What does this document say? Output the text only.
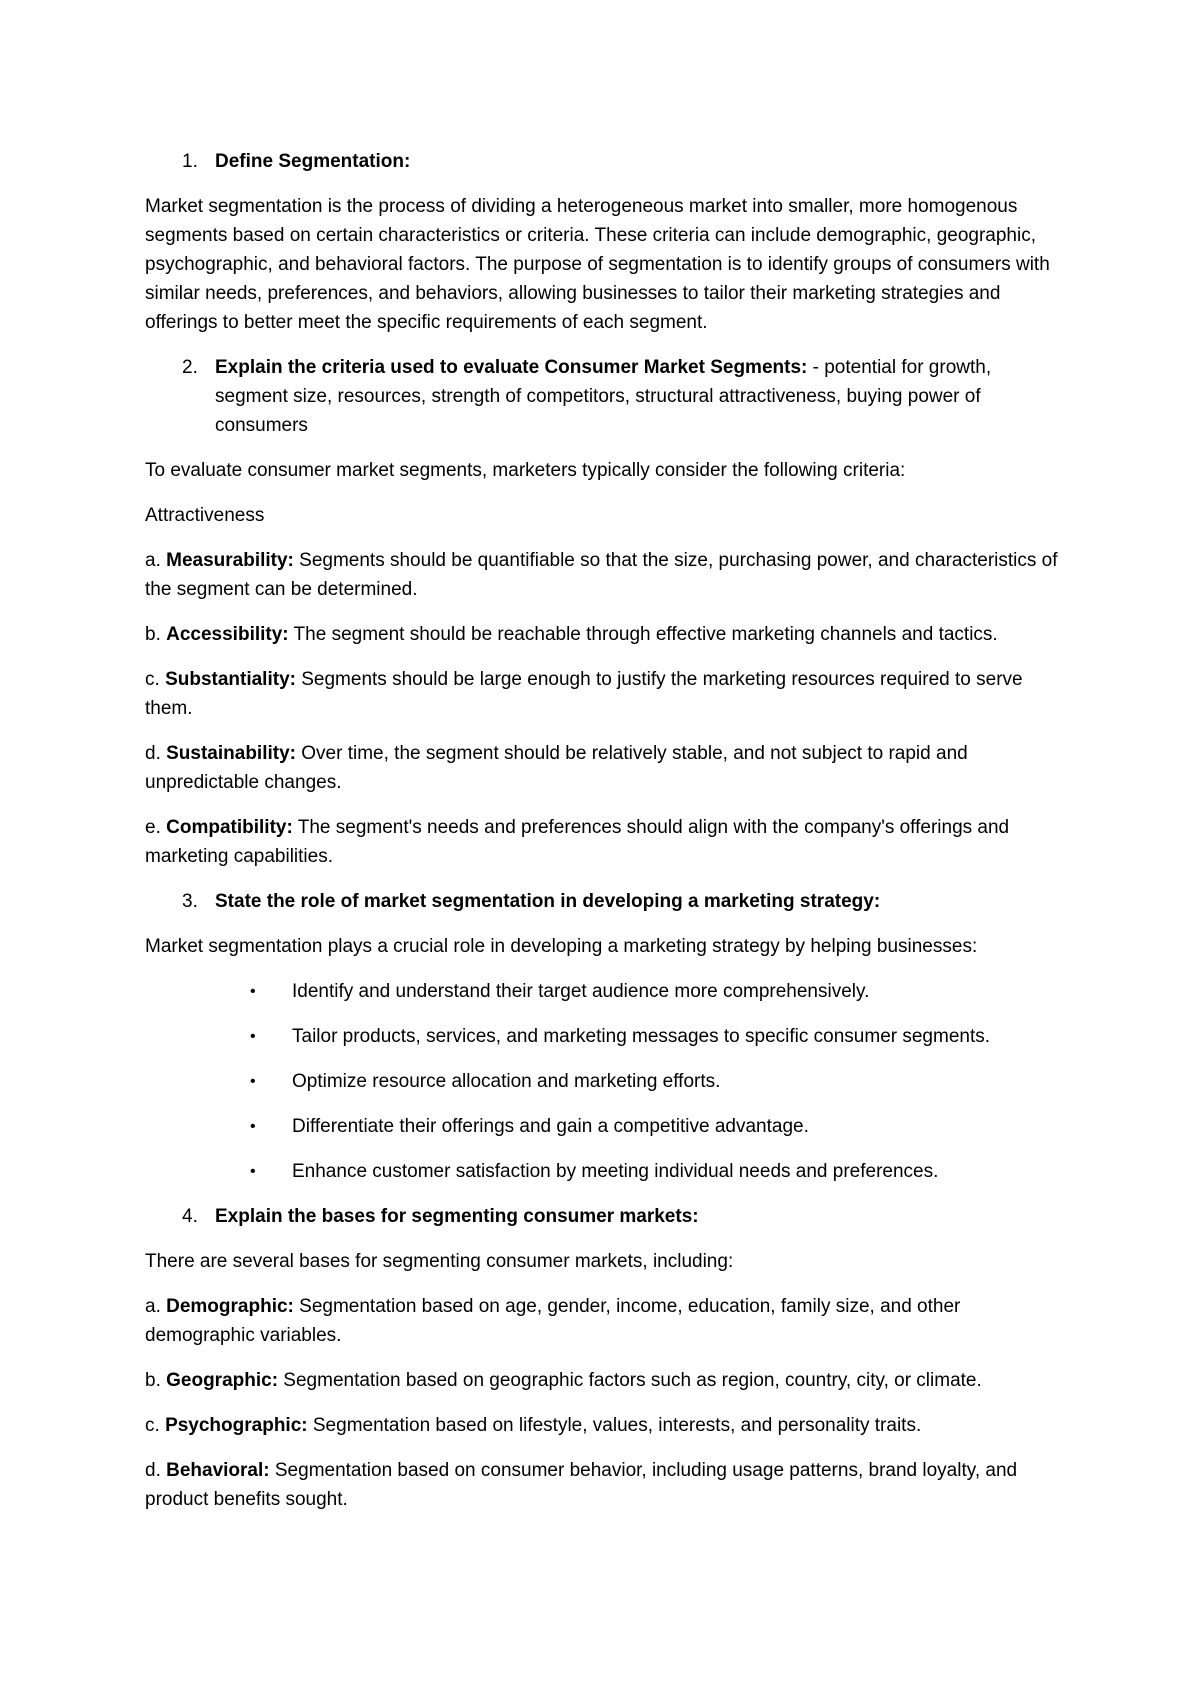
1. Define Segmentation:

Market segmentation is the process of dividing a heterogeneous market into smaller, more homogenous segments based on certain characteristics or criteria. These criteria can include demographic, geographic, psychographic, and behavioral factors. The purpose of segmentation is to identify groups of consumers with similar needs, preferences, and behaviors, allowing businesses to tailor their marketing strategies and offerings to better meet the specific requirements of each segment.

2. Explain the criteria used to evaluate Consumer Market Segments: - potential for growth, segment size, resources, strength of competitors, structural attractiveness, buying power of consumers

To evaluate consumer market segments, marketers typically consider the following criteria:

Attractiveness

a. Measurability: Segments should be quantifiable so that the size, purchasing power, and characteristics of the segment can be determined.

b. Accessibility: The segment should be reachable through effective marketing channels and tactics.

c. Substantiality: Segments should be large enough to justify the marketing resources required to serve them.

d. Sustainability: Over time, the segment should be relatively stable, and not subject to rapid and unpredictable changes.

e. Compatibility: The segment's needs and preferences should align with the company's offerings and marketing capabilities.

3. State the role of market segmentation in developing a marketing strategy:

Market segmentation plays a crucial role in developing a marketing strategy by helping businesses:

•	Identify and understand their target audience more comprehensively.
•	Tailor products, services, and marketing messages to specific consumer segments.
•	Optimize resource allocation and marketing efforts.
•	Differentiate their offerings and gain a competitive advantage.
•	Enhance customer satisfaction by meeting individual needs and preferences.
4. Explain the bases for segmenting consumer markets:

There are several bases for segmenting consumer markets, including:

a. Demographic: Segmentation based on age, gender, income, education, family size, and other demographic variables.

b. Geographic: Segmentation based on geographic factors such as region, country, city, or climate.

c. Psychographic: Segmentation based on lifestyle, values, interests, and personality traits.

d. Behavioral: Segmentation based on consumer behavior, including usage patterns, brand loyalty, and product benefits sought.
